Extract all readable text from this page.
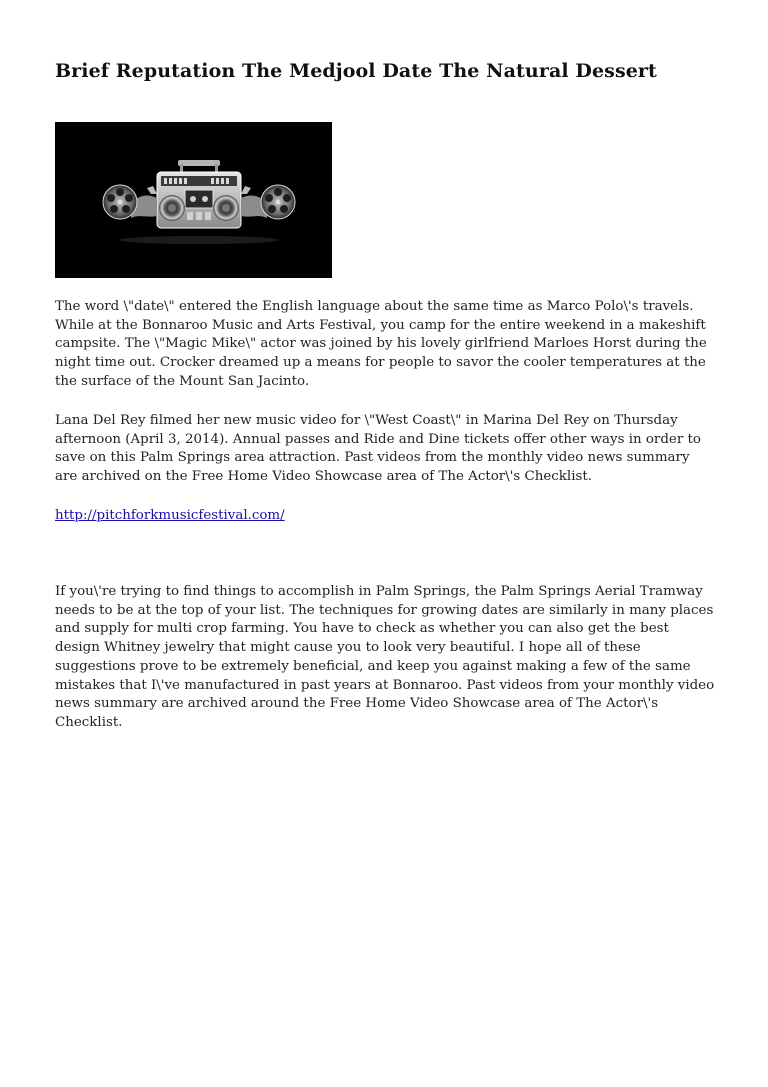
Brief Reputation The Medjool Date The Natural Dessert

The word \"date\" entered the English language about the same time as Marco Polo\'s travels. While at the Bonnaroo Music and Arts Festival, you camp for the entire weekend in a makeshift campsite. The \"Magic Mike\" actor was joined by his lovely girlfriend Marloes Horst during the night time out. Crocker dreamed up a means for people to savor the cooler temperatures at the the surface of the Mount San Jacinto.

Lana Del Rey filmed her new music video for \"West Coast\" in Marina Del Rey on Thursday afternoon (April 3, 2014). Annual passes and Ride and Dine tickets offer other ways in order to save on this Palm Springs area attraction. Past videos from the monthly video news summary are archived on the Free Home Video Showcase area of The Actor\'s Checklist.

http://pitchforkmusicfestival.com/

If you\'re trying to find things to accomplish in Palm Springs, the Palm Springs Aerial Tramway needs to be at the top of your list. The techniques for growing dates are similarly in many places and supply for multi crop farming. You have to check as whether you can also get the best design Whitney jewelry that might cause you to look very beautiful. I hope all of these suggestions prove to be extremely beneficial, and keep you against making a few of the same mistakes that I\'ve manufactured in past years at Bonnaroo. Past videos from your monthly video news summary are archived around the Free Home Video Showcase area of The Actor\'s Checklist.
